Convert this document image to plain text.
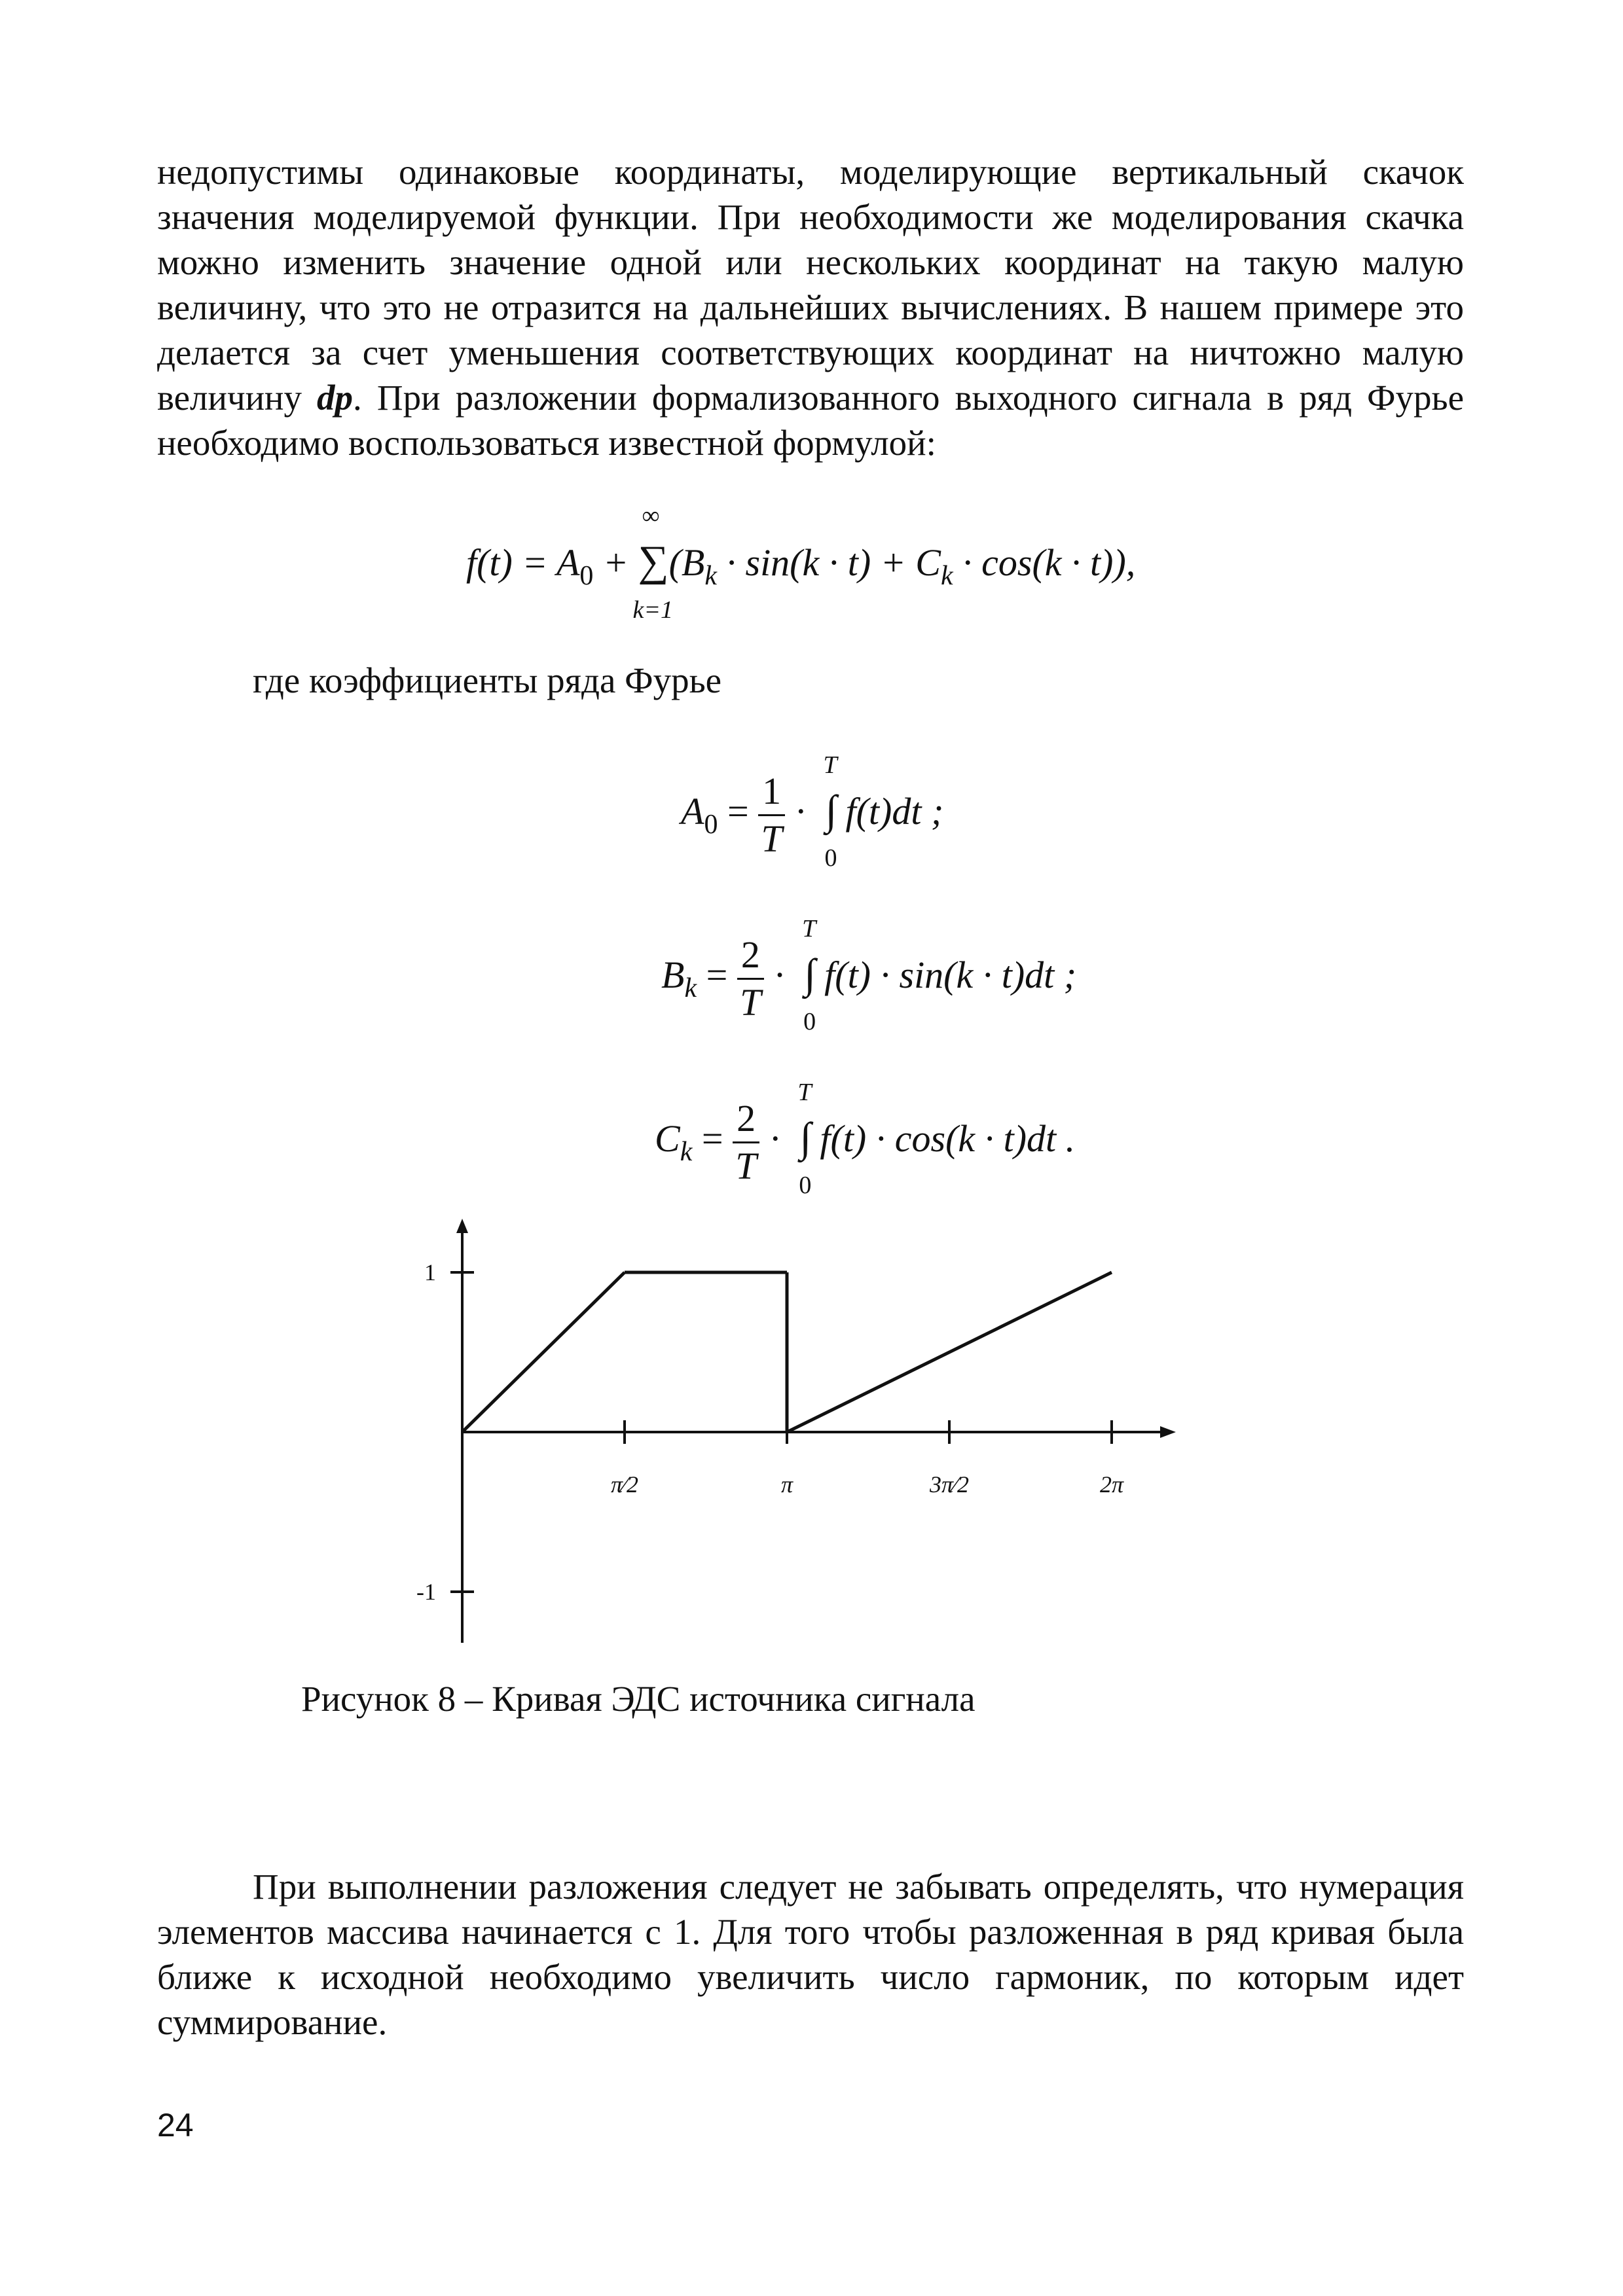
недопустимы одинаковые координаты, моделирующие вертикальный скачок значения моделируемой функции. При необходимости же моделирования скачка можно изменить значение одной или нескольких координат на такую малую величину, что это не отразится на дальнейших вычислениях. В нашем примере это делается за счет уменьшения соответствующих координат на ничтожно малую величину dp. При разложении формализованного выходного сигнала в ряд Фурье необходимо воспользоваться известной формулой:

$f(t) = A_0$ +
∞
∑
k=1
$(B_k \cdot \sin(k \cdot t) + C_k \cdot \cos(k \cdot t))$,
где коэффициенты ряда Фурье
$A_0 = \frac{1}{T}$ ·
T
∫
0
f(t)dt ;
$B_k = \frac{2}{T}$ ·
T
∫
0
f(t) · sin(k · t)dt ;
$C_k = \frac{2}{T}$ ·
T
∫
0
f(t) · cos(k · t)dt .
π⁄2	π	3π⁄2	2π
1
-1
Рисунок 8 – Кривая ЭДС источника сигнала

При выполнении разложения следует не забывать определять, что нумерация элементов массива начинается с 1. Для того чтобы разложенная в ряд кривая была ближе к исходной необходимо увеличить число гармоник, по которым идет суммирование.

24
